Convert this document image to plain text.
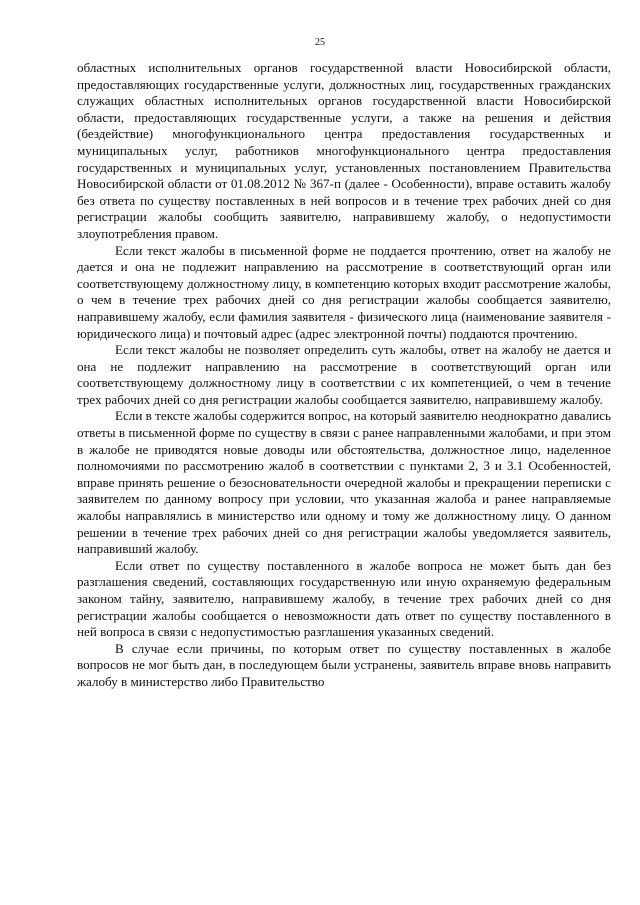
25

областных исполнительных органов государственной власти Новосибирской области, предоставляющих государственные услуги, должностных лиц, государственных гражданских служащих областных исполнительных органов государственной власти Новосибирской области, предоставляющих государственные услуги, а также на решения и действия (бездействие) многофункционального центра предоставления государственных и муниципальных услуг, работников многофункционального центра предоставления государственных и муниципальных услуг, установленных постановлением Правительства Новосибирской области от 01.08.2012 № 367-п (далее - Особенности), вправе оставить жалобу без ответа по существу поставленных в ней вопросов и в течение трех рабочих дней со дня регистрации жалобы сообщить заявителю, направившему жалобу, о недопустимости злоупотребления правом.

Если текст жалобы в письменной форме не поддается прочтению, ответ на жалобу не дается и она не подлежит направлению на рассмотрение в соответствующий орган или соответствующему должностному лицу, в компетенцию которых входит рассмотрение жалобы, о чем в течение трех рабочих дней со дня регистрации жалобы сообщается заявителю, направившему жалобу, если фамилия заявителя - физического лица (наименование заявителя - юридического лица) и почтовый адрес (адрес электронной почты) поддаются прочтению.

Если текст жалобы не позволяет определить суть жалобы, ответ на жалобу не дается и она не подлежит направлению на рассмотрение в соответствующий орган или соответствующему должностному лицу в соответствии с их компетенцией, о чем в течение трех рабочих дней со дня регистрации жалобы сообщается заявителю, направившему жалобу.

Если в тексте жалобы содержится вопрос, на который заявителю неоднократно давались ответы в письменной форме по существу в связи с ранее направленными жалобами, и при этом в жалобе не приводятся новые доводы или обстоятельства, должностное лицо, наделенное полномочиями по рассмотрению жалоб в соответствии с пунктами 2, 3 и 3.1 Особенностей, вправе принять решение о безосновательности очередной жалобы и прекращении переписки с заявителем по данному вопросу при условии, что указанная жалоба и ранее направляемые жалобы направлялись в министерство или одному и тому же должностному лицу. О данном решении в течение трех рабочих дней со дня регистрации жалобы уведомляется заявитель, направивший жалобу.

Если ответ по существу поставленного в жалобе вопроса не может быть дан без разглашения сведений, составляющих государственную или иную охраняемую федеральным законом тайну, заявителю, направившему жалобу, в течение трех рабочих дней со дня регистрации жалобы сообщается о невозможности дать ответ по существу поставленного в ней вопроса в связи с недопустимостью разглашения указанных сведений.

В случае если причины, по которым ответ по существу поставленных в жалобе вопросов не мог быть дан, в последующем были устранены, заявитель вправе вновь направить жалобу в министерство либо Правительство
